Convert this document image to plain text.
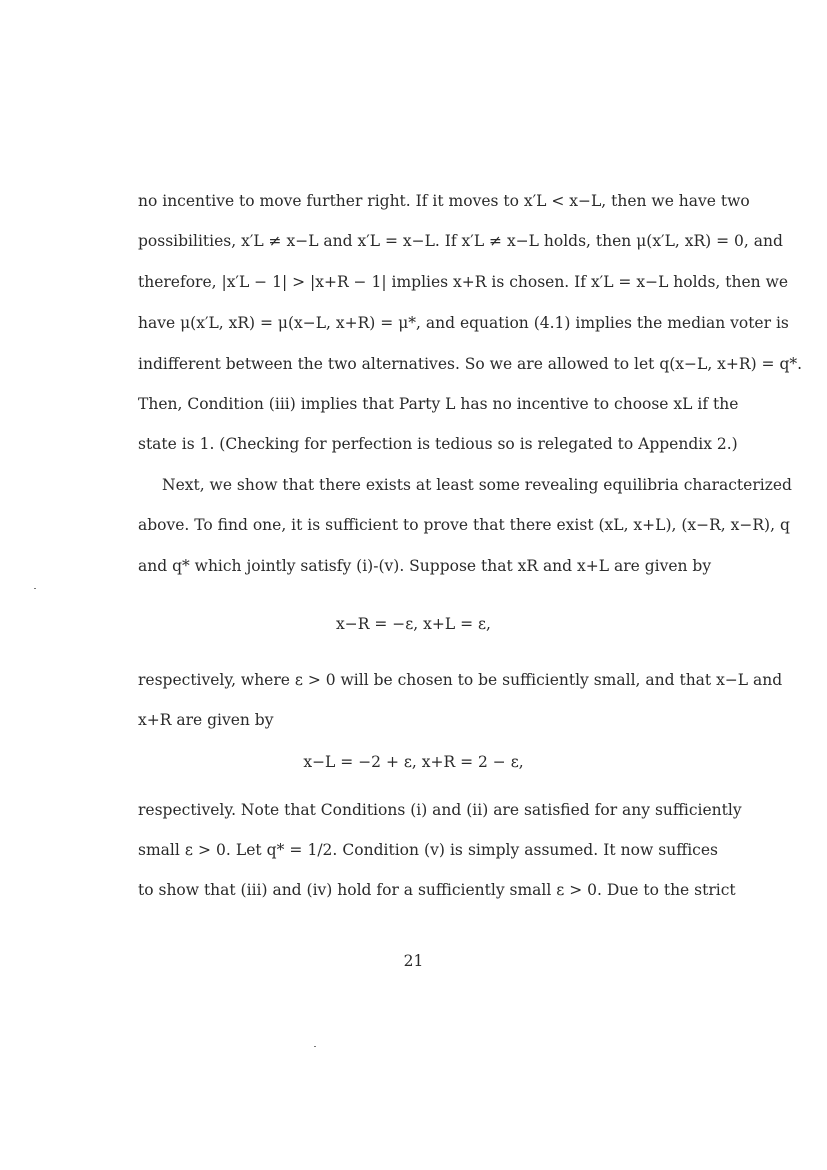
no incentive to move further right. If it moves to x′L < x−L, then we have two
possibilities, x′L ≠ x−L and x′L = x−L. If x′L ≠ x−L holds, then μ(x′L, xR) = 0, and
therefore, |x′L − 1| > |x+R − 1| implies x+R is chosen. If x′L = x−L holds, then we
have μ(x′L, xR) = μ(x−L, x+R) = μ*, and equation (4.1) implies the median voter is
indifferent between the two alternatives. So we are allowed to let q(x−L, x+R) = q*.
Then, Condition (iii) implies that Party L has no incentive to choose xL if the
state is 1. (Checking for perfection is tedious so is relegated to Appendix 2.)
Next, we show that there exists at least some revealing equilibria characterized
above. To find one, it is sufficient to prove that there exist (xL, x+L), (x−R, x−R), q
and q* which jointly satisfy (i)-(v). Suppose that xR and x+L are given by
x−R = −ε, x+L = ε,
respectively, where ε > 0 will be chosen to be sufficiently small, and that x−L and
x+R are given by
x−L = −2 + ε, x+R = 2 − ε,
respectively. Note that Conditions (i) and (ii) are satisfied for any sufficiently
small ε > 0. Let q* = 1/2. Condition (v) is simply assumed. It now suffices
to show that (iii) and (iv) hold for a sufficiently small ε > 0. Due to the strict
21
